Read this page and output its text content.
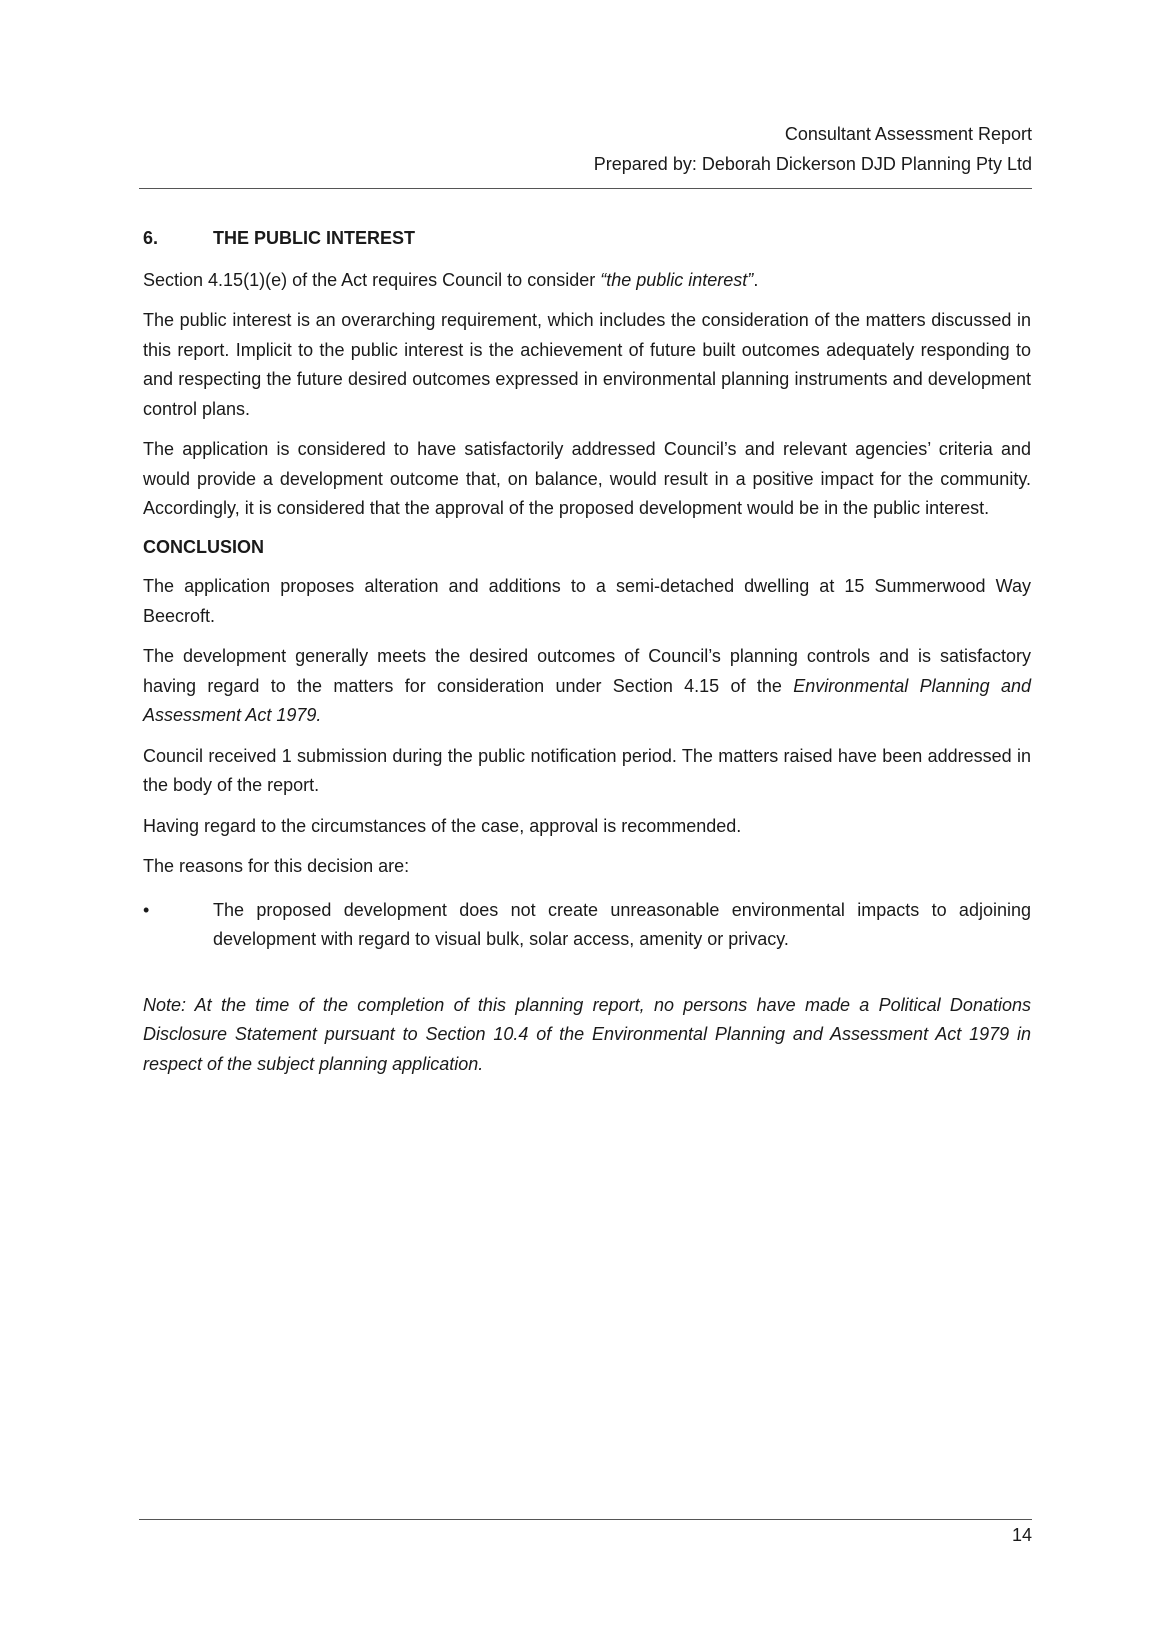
Consultant Assessment Report
Prepared by: Deborah Dickerson DJD Planning Pty Ltd
6.	THE PUBLIC INTEREST

Section 4.15(1)(e) of the Act requires Council to consider “the public interest”.

The public interest is an overarching requirement, which includes the consideration of the matters discussed in this report. Implicit to the public interest is the achievement of future built outcomes adequately responding to and respecting the future desired outcomes expressed in environmental planning instruments and development control plans.

The application is considered to have satisfactorily addressed Council’s and relevant agencies’ criteria and would provide a development outcome that, on balance, would result in a positive impact for the community. Accordingly, it is considered that the approval of the proposed development would be in the public interest.

CONCLUSION

The application proposes alteration and additions to a semi-detached dwelling at 15 Summerwood Way Beecroft.

The development generally meets the desired outcomes of Council’s planning controls and is satisfactory having regard to the matters for consideration under Section 4.15 of the Environmental Planning and Assessment Act 1979.

Council received 1 submission during the public notification period. The matters raised have been addressed in the body of the report.

Having regard to the circumstances of the case, approval is recommended.

The reasons for this decision are:

•	The proposed development does not create unreasonable environmental impacts to adjoining development with regard to visual bulk, solar access, amenity or privacy.

Note: At the time of the completion of this planning report, no persons have made a Political Donations Disclosure Statement pursuant to Section 10.4 of the Environmental Planning and Assessment Act 1979 in respect of the subject planning application.

14
